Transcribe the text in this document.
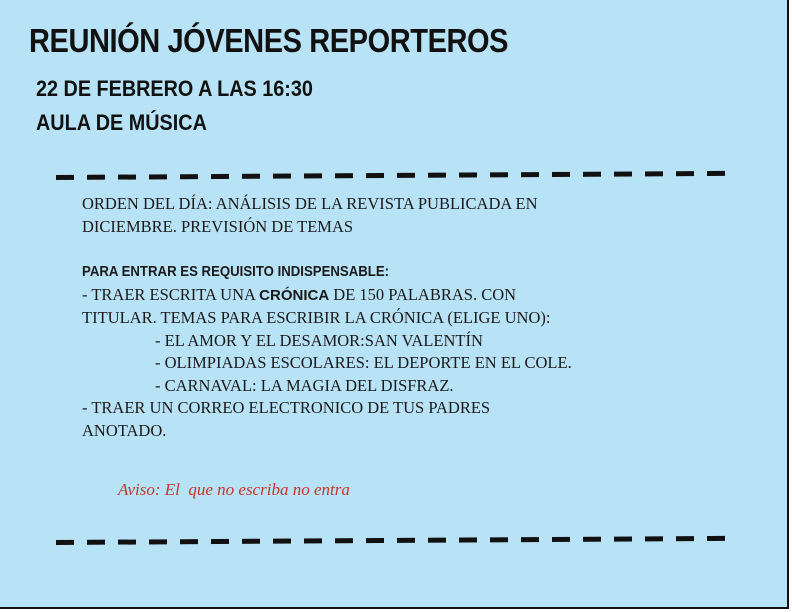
REUNIÓN JÓVENES REPORTEROS
22 DE FEBRERO A LAS 16:30
AULA DE MÚSICA
ORDEN DEL DÍA: ANÁLISIS DE LA REVISTA PUBLICADA EN
DICIEMBRE. PREVISIÓN DE TEMAS
PARA ENTRAR ES REQUISITO INDISPENSABLE:
- TRAER ESCRITA UNA CRÓNICA DE 150 PALABRAS. CON
TITULAR. TEMAS PARA ESCRIBIR LA CRÓNICA (ELIGE UNO):
- EL AMOR Y EL DESAMOR:SAN VALENTÍN
- OLIMPIADAS ESCOLARES: EL DEPORTE EN EL COLE.
- CARNAVAL: LA MAGIA DEL DISFRAZ.
- TRAER UN CORREO ELECTRONICO DE TUS PADRES
ANOTADO.
Aviso: El  que no escriba no entra
